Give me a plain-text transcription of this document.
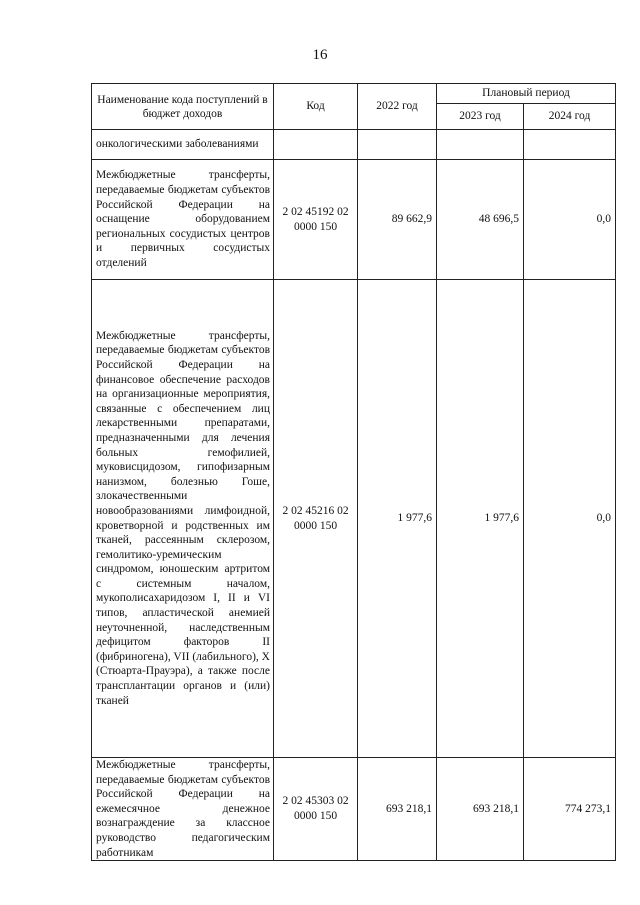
16
Наименование кода поступлений в бюджет доходов	Код	2022 год	Плановый период	
			2023 год	2024 год
онкологическими заболеваниями				
Межбюджетные трансферты, передаваемые бюджетам субъектов Российской Федерации на оснащение оборудованием региональных сосудистых центров и первичных сосудистых отделений	2 02 45192 02 0000 150	89 662,9	48 696,5	0,0
Межбюджетные трансферты, передаваемые бюджетам субъектов Российской Федерации на финансовое обеспечение расходов на организационные мероприятия, связанные с обеспечением лиц лекарственными препаратами, предназначенными для лечения больных гемофилией, муковисцидозом, гипофизарным нанизмом, болезнью Гоше, злокачественными новообразованиями лимфоидной, кроветворной и родственных им тканей, рассеянным склерозом, гемолитико-уремическим синдромом, юношеским артритом с системным началом, мукополисахаридозом I, II и VI типов, апластической анемией неуточненной, наследственным дефицитом факторов II (фибриногена), VII (лабильного), X (Стюарта-Прауэра), а также после трансплантации органов и (или) тканей	2 02 45216 02 0000 150	1 977,6	1 977,6	0,0
Межбюджетные трансферты, передаваемые бюджетам субъектов Российской Федерации на ежемесячное денежное вознаграждение за классное руководство педагогическим работникам	2 02 45303 02 0000 150	693 218,1	693 218,1	774 273,1
